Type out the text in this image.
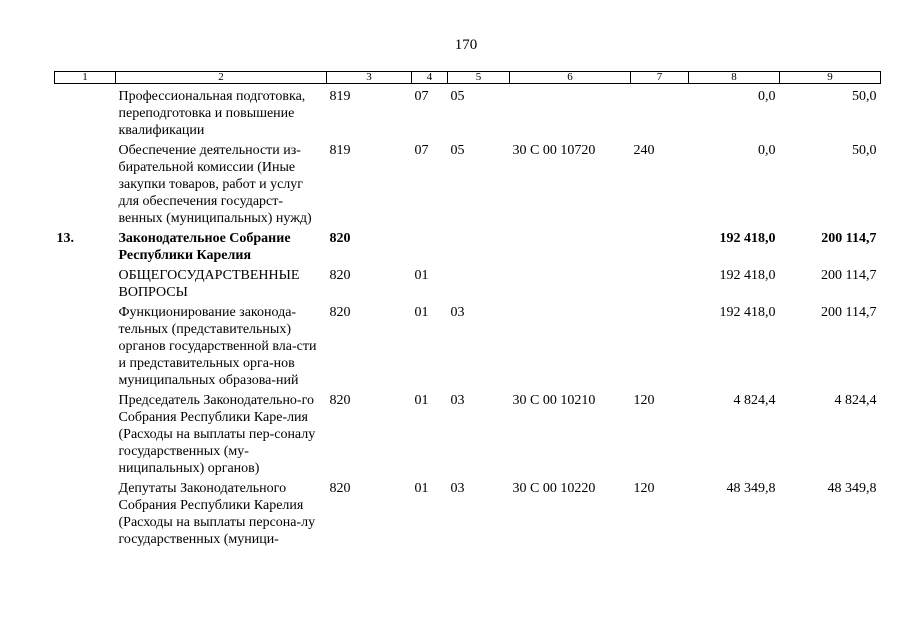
170
1	2	3	4	5	6	7	8	9
	Профессиональная подготовка, переподготовка и повышение квалификации	819	07	05			0,0	50,0
	Обеспечение деятельности из-бирательной комиссии (Иные закупки товаров, работ и услуг для обеспечения государст-венных (муниципальных) нужд)	819	07	05	30 С 00 10720	240	0,0	50,0
13.	Законодательное Собрание Республики Карелия	820					192 418,0	200 114,7
	ОБЩЕГОСУДАРСТВЕННЫЕ ВОПРОСЫ	820	01				192 418,0	200 114,7
	Функционирование законода-тельных (представительных) органов государственной вла-сти и представительных орга-нов муниципальных образова-ний	820	01	03			192 418,0	200 114,7
	Председатель Законодательно-го Собрания Республики Каре-лия (Расходы на выплаты пер-соналу государственных (му-ниципальных) органов)	820	01	03	30 С 00 10210	120	4 824,4	4 824,4
	Депутаты Законодательного Собрания Республики Карелия (Расходы на выплаты персона-лу государственных (муници-	820	01	03	30 С 00 10220	120	48 349,8	48 349,8
